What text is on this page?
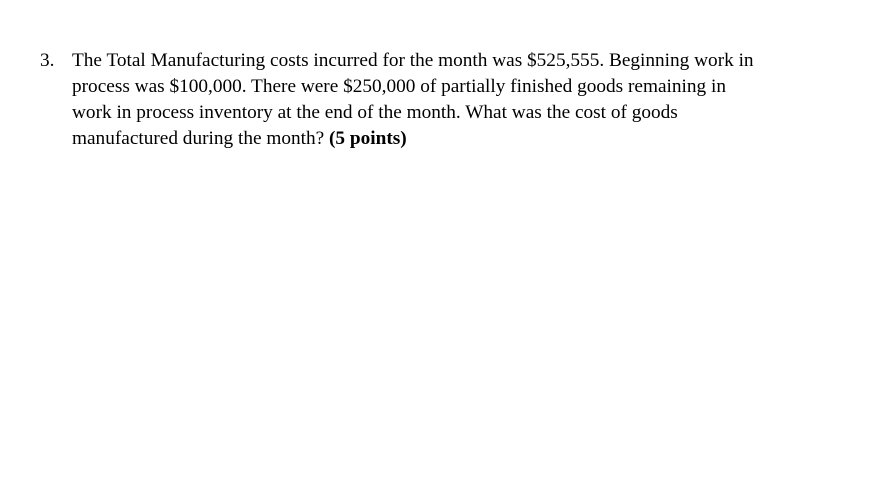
3. The Total Manufacturing costs incurred for the month was $525,555. Beginning work in

process was $100,000. There were $250,000 of partially finished goods remaining in

work in process inventory at the end of the month. What was the cost of goods

manufactured during the month? (5 points)
